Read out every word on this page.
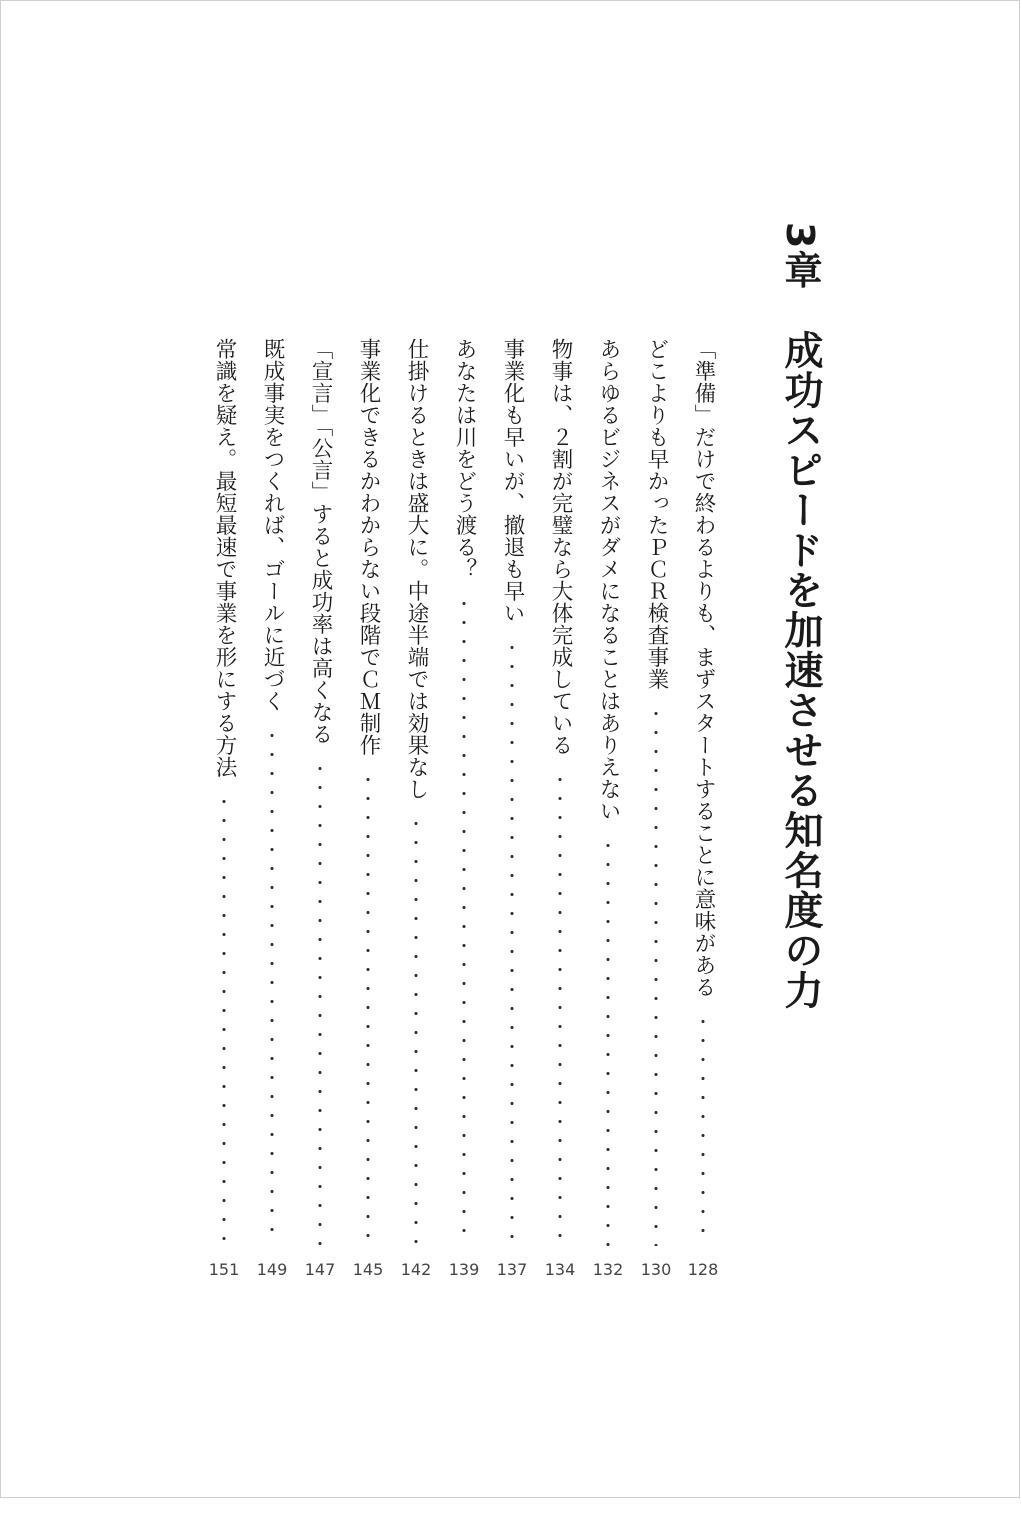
3章
成功スピードを加速させる知名度の力
「準備」だけで終わるよりも、まずスタートすることに意味がある
128
どこよりも早かったＰＣＲ検査事業
130
あらゆるビジネスがダメになることはありえない
132
物事は、２割が完璧なら大体完成している
134
事業化も早いが、撤退も早い
137
あなたは川をどう渡る？
139
仕掛けるときは盛大に。中途半端では効果なし
142
事業化できるかわからない段階でＣＭ制作
145
「宣言」「公言」すると成功率は高くなる
147
既成事実をつくれば、ゴールに近づく
149
常識を疑え。最短最速で事業を形にする方法
151
